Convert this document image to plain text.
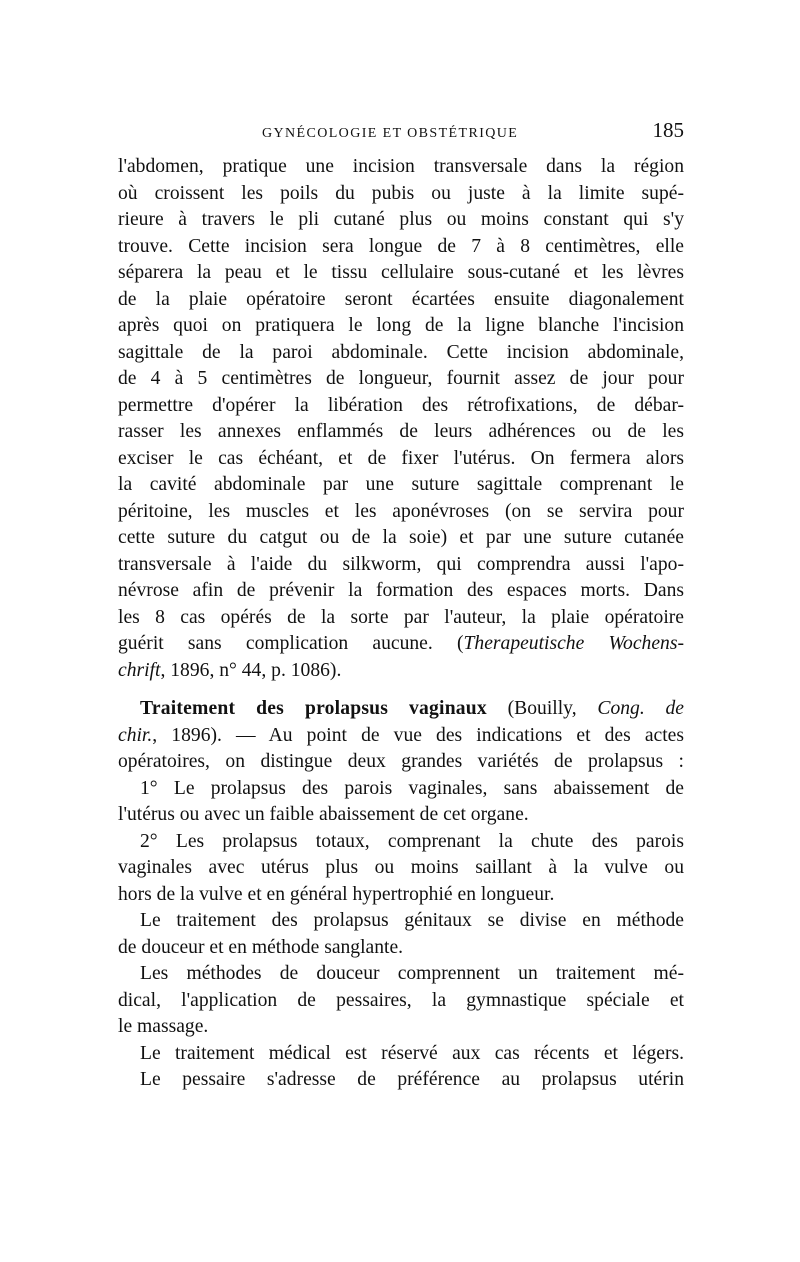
GYNÉCOLOGIE ET OBSTÉTRIQUE	185
l'abdomen, pratique une incision transversale dans la région
où croissent les poils du pubis ou juste à la limite supé-
rieure à travers le pli cutané plus ou moins constant qui s'y
trouve. Cette incision sera longue de 7 à 8 centimètres, elle
séparera la peau et le tissu cellulaire sous-cutané et les lèvres
de la plaie opératoire seront écartées ensuite diagonalement
après quoi on pratiquera le long de la ligne blanche l'incision
sagittale de la paroi abdominale. Cette incision abdominale,
de 4 à 5 centimètres de longueur, fournit assez de jour pour
permettre d'opérer la libération des rétrofixations, de débar-
rasser les annexes enflammés de leurs adhérences ou de les
exciser le cas échéant, et de fixer l'utérus. On fermera alors
la cavité abdominale par une suture sagittale comprenant le
péritoine, les muscles et les aponévroses (on se servira pour
cette suture du catgut ou de la soie) et par une suture cutanée
transversale à l'aide du silkworm, qui comprendra aussi l'apo-
névrose afin de prévenir la formation des espaces morts. Dans
les 8 cas opérés de la sorte par l'auteur, la plaie opératoire
guérit sans complication aucune. (Therapeutische Wochens-
chrift, 1896, n° 44, p. 1086).
Traitement des prolapsus vaginaux (Bouilly, Cong. de
chir., 1896). — Au point de vue des indications et des actes
opératoires, on distingue deux grandes variétés de prolapsus :
1° Le prolapsus des parois vaginales, sans abaissement de
l'utérus ou avec un faible abaissement de cet organe.
2° Les prolapsus totaux, comprenant la chute des parois
vaginales avec utérus plus ou moins saillant à la vulve ou
hors de la vulve et en général hypertrophié en longueur.
Le traitement des prolapsus génitaux se divise en méthode
de douceur et en méthode sanglante.
Les méthodes de douceur comprennent un traitement mé-
dical, l'application de pessaires, la gymnastique spéciale et
le massage.
Le traitement médical est réservé aux cas récents et légers.
Le pessaire s'adresse de préférence au prolapsus utérin
